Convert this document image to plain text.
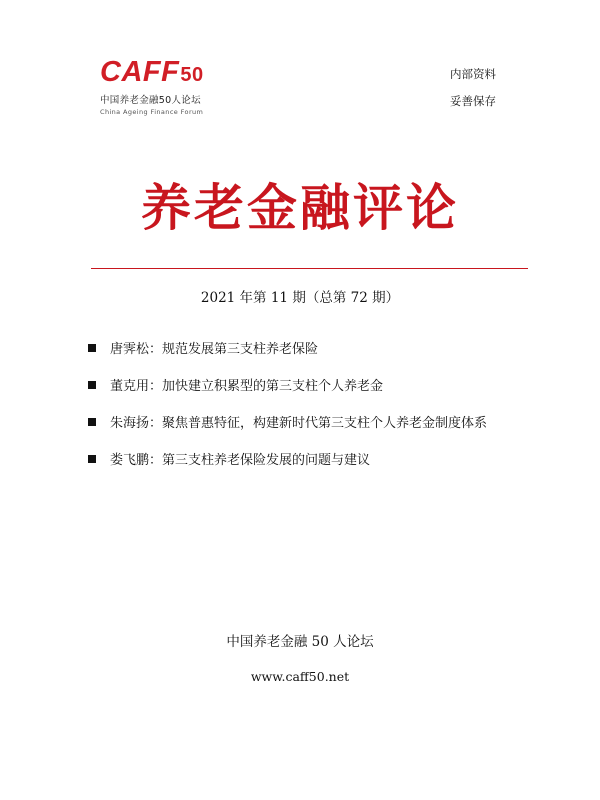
CAFF50
中国养老金融50人论坛
China Ageing Finance Forum
内部资料
妥善保存
养老金融评论
2021 年第 11 期（总第 72 期）
唐霁松：规范发展第三支柱养老保险
董克用：加快建立积累型的第三支柱个人养老金
朱海扬：聚焦普惠特征，构建新时代第三支柱个人养老金制度体系
娄飞鹏：第三支柱养老保险发展的问题与建议
中国养老金融 50 人论坛
www.caff50.net
